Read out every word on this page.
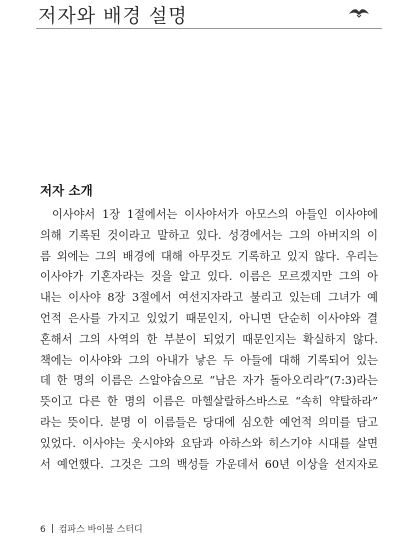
저자와 배경 설명
저자 소개
이사야서 1장 1절에서는 이사야서가 아모스의 아들인 이사야에
의해 기록된 것이라고 말하고 있다. 성경에서는 그의 아버지의 이
름 외에는 그의 배경에 대해 아무것도 기록하고 있지 않다. 우리는
이사야가 기혼자라는 것을 알고 있다. 이름은 모르겠지만 그의 아
내는 이사야 8장 3절에서 여선지자라고 불리고 있는데 그녀가 예
언적 은사를 가지고 있었기 때문인지, 아니면 단순히 이사야와 결
혼해서 그의 사역의 한 부분이 되었기 때문인지는 확실하지 않다.
책에는 이사야와 그의 아내가 낳은 두 아들에 대해 기록되어 있는
데 한 명의 이름은 스알야숩으로 “남은 자가 돌아오리라”(7:3)라는
뜻이고 다른 한 명의 이름은 마헬살랄하스바스로 “속히 약탈하라”
라는 뜻이다. 분명 이 이름들은 당대에 심오한 예언적 의미를 담고
있었다. 이사야는 웃시야와 요담과 아하스와 히스기야 시대를 살면
서 예언했다. 그것은 그의 백성들 가운데서 60년 이상을 선지자로
6 컴파스 바이블 스터디
